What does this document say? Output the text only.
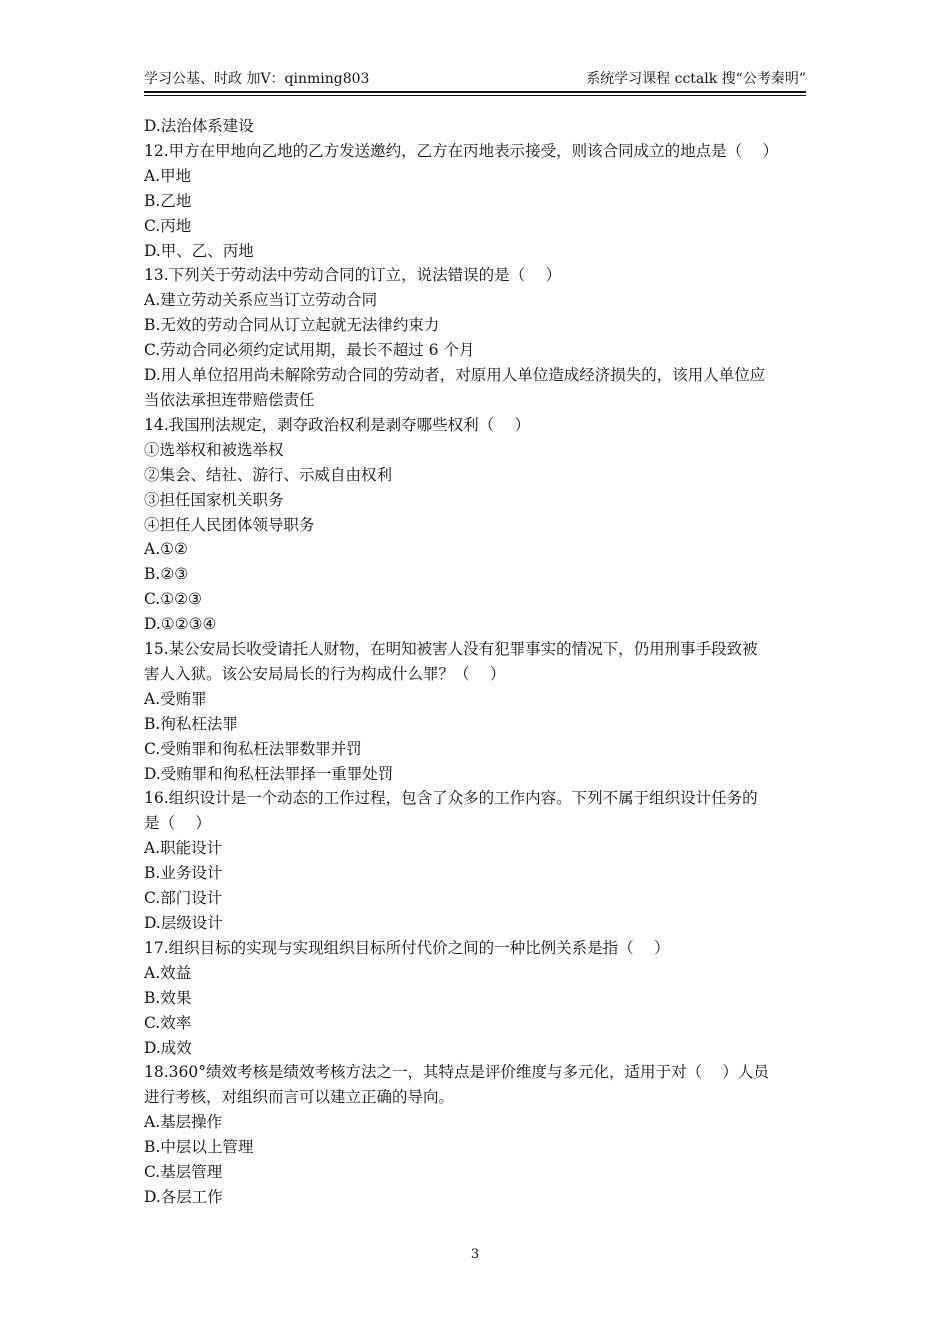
学习公基、时政 加V：qinming803	系统学习课程 cctalk 搜“公考秦明”
D.法治体系建设
12.甲方在甲地向乙地的乙方发送邀约，乙方在丙地表示接受，则该合同成立的地点是（　 ）
A.甲地
B.乙地
C.丙地
D.甲、乙、丙地
13.下列关于劳动法中劳动合同的订立，说法错误的是（　 ）
A.建立劳动关系应当订立劳动合同
B.无效的劳动合同从订立起就无法律约束力
C.劳动合同必须约定试用期，最长不超过 6 个月
D.用人单位招用尚未解除劳动合同的劳动者，对原用人单位造成经济损失的，该用人单位应
当依法承担连带赔偿责任
14.我国刑法规定，剥夺政治权利是剥夺哪些权利（　 ）
①选举权和被选举权
②集会、结社、游行、示威自由权利
③担任国家机关职务
④担任人民团体领导职务
A.①②
B.②③
C.①②③
D.①②③④
15.某公安局长收受请托人财物，在明知被害人没有犯罪事实的情况下，仍用刑事手段致被
害人入狱。该公安局局长的行为构成什么罪？（　 ）
A.受贿罪
B.徇私枉法罪
C.受贿罪和徇私枉法罪数罪并罚
D.受贿罪和徇私枉法罪择一重罪处罚
16.组织设计是一个动态的工作过程，包含了众多的工作内容。下列不属于组织设计任务的
是（　 ）
A.职能设计
B.业务设计
C.部门设计
D.层级设计
17.组织目标的实现与实现组织目标所付代价之间的一种比例关系是指（　 ）
A.效益
B.效果
C.效率
D.成效
18.360°绩效考核是绩效考核方法之一，其特点是评价维度与多元化，适用于对（　 ）人员
进行考核，对组织而言可以建立正确的导向。
A.基层操作
B.中层以上管理
C.基层管理
D.各层工作
3
